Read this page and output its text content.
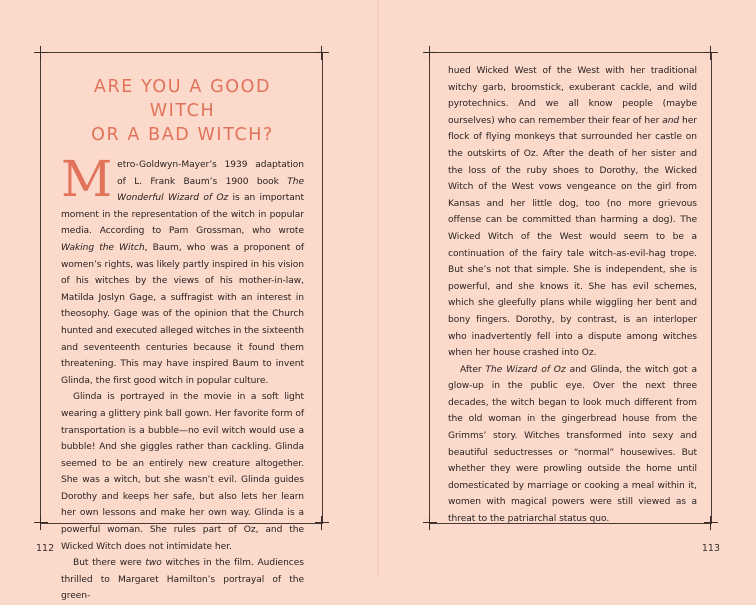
ARE YOU A GOOD WITCH
OR A BAD WITCH?

Metro-Goldwyn-Mayer’s 1939 adaptation of L. Frank Baum’s 1900 book The Wonderful Wizard of Oz is an important moment in the representation of the witch in popular media. According to Pam Grossman, who wrote Waking the Witch, Baum, who was a proponent of women’s rights, was likely partly inspired in his vision of his witches by the views of his mother-in-law, Matilda Joslyn Gage, a suffragist with an interest in theosophy. Gage was of the opinion that the Church hunted and executed alleged witches in the sixteenth and seventeenth centuries because it found them threatening. This may have inspired Baum to invent Glinda, the first good witch in popular culture.

Glinda is portrayed in the movie in a soft light wearing a glittery pink ball gown. Her favorite form of transportation is a bubble—no evil witch would use a bubble! And she giggles rather than cackling. Glinda seemed to be an entirely new creature altogether. She was a witch, but she wasn’t evil. Glinda guides Dorothy and keeps her safe, but also lets her learn her own lessons and make her own way. Glinda is a powerful woman. She rules part of Oz, and the Wicked Witch does not intimidate her.

But there were two witches in the film. Audiences thrilled to Margaret Hamilton’s portrayal of the green-

112

hued Wicked West of the West with her traditional witchy garb, broomstick, exuberant cackle, and wild pyrotechnics. And we all know people (maybe ourselves) who can remember their fear of her and her flock of flying monkeys that surrounded her castle on the outskirts of Oz. After the death of her sister and the loss of the ruby shoes to Dorothy, the Wicked Witch of the West vows vengeance on the girl from Kansas and her little dog, too (no more grievous offense can be committed than harming a dog). The Wicked Witch of the West would seem to be a continuation of the fairy tale witch-as-evil-hag trope. But she’s not that simple. She is independent, she is powerful, and she knows it. She has evil schemes, which she gleefully plans while wiggling her bent and bony fingers. Dorothy, by contrast, is an interloper who inadvertently fell into a dispute among witches when her house crashed into Oz.

After The Wizard of Oz and Glinda, the witch got a glow-up in the public eye. Over the next three decades, the witch began to look much different from the old woman in the gingerbread house from the Grimms’ story. Witches transformed into sexy and beautiful seductresses or “normal” housewives. But whether they were prowling outside the home until domesticated by marriage or cooking a meal within it, women with magical powers were still viewed as a threat to the patriarchal status quo.

113
